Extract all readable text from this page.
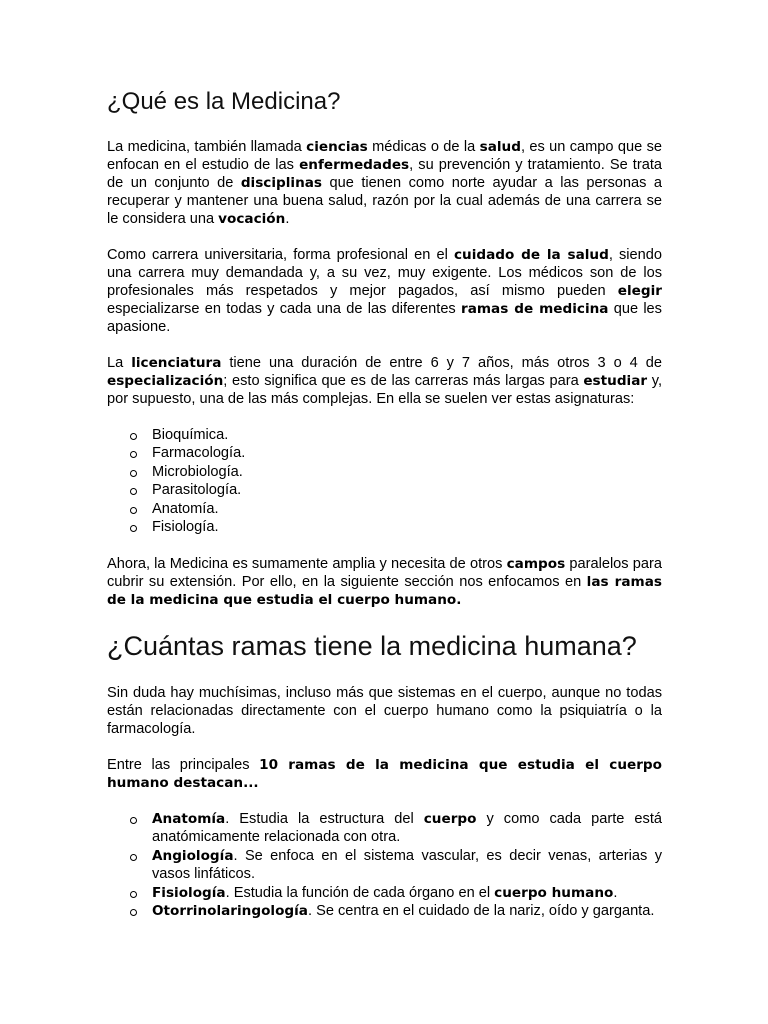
¿Qué es la Medicina?

La medicina, también llamada ciencias médicas o de la salud, es un campo que se enfocan en el estudio de las enfermedades, su prevención y tratamiento. Se trata de un conjunto de disciplinas que tienen como norte ayudar a las personas a recuperar y mantener una buena salud, razón por la cual además de una carrera se le considera una vocación.

Como carrera universitaria, forma profesional en el cuidado de la salud, siendo una carrera muy demandada y, a su vez, muy exigente. Los médicos son de los profesionales más respetados y mejor pagados, así mismo pueden elegir especializarse en todas y cada una de las diferentes ramas de medicina que les apasione.

La licenciatura tiene una duración de entre 6 y 7 años, más otros 3 o 4 de especialización; esto significa que es de las carreras más largas para estudiar y, por supuesto, una de las más complejas. En ella se suelen ver estas asignaturas:

Bioquímica.
Farmacología.
Microbiología.
Parasitología.
Anatomía.
Fisiología.

Ahora, la Medicina es sumamente amplia y necesita de otros campos paralelos para cubrir su extensión. Por ello, en la siguiente sección nos enfocamos en las ramas de la medicina que estudia el cuerpo humano.

¿Cuántas ramas tiene la medicina humana?

Sin duda hay muchísimas, incluso más que sistemas en el cuerpo, aunque no todas están relacionadas directamente con el cuerpo humano como la psiquiatría o la farmacología.

Entre las principales 10 ramas de la medicina que estudia el cuerpo humano destacan...

Anatomía. Estudia la estructura del cuerpo y como cada parte está anatómicamente relacionada con otra.
Angiología. Se enfoca en el sistema vascular, es decir venas, arterias y vasos linfáticos.
Fisiología. Estudia la función de cada órgano en el cuerpo humano.
Otorrinolaringología. Se centra en el cuidado de la nariz, oído y garganta.
